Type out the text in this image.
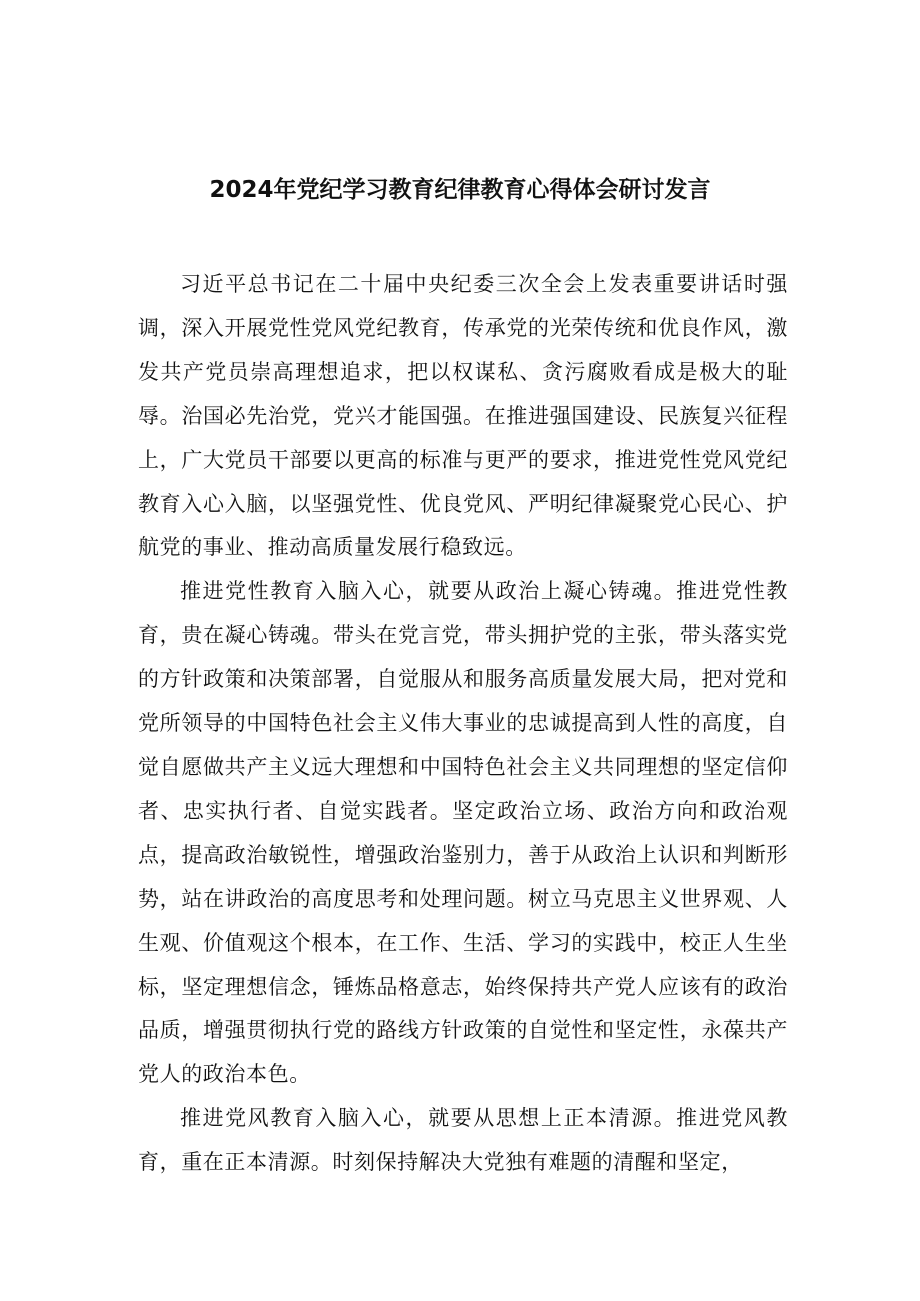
2024年党纪学习教育纪律教育心得体会研讨发言

习近平总书记在二十届中央纪委三次全会上发表重要讲话时强调，深入开展党性党风党纪教育，传承党的光荣传统和优良作风，激发共产党员崇高理想追求，把以权谋私、贪污腐败看成是极大的耻辱。治国必先治党，党兴才能国强。在推进强国建设、民族复兴征程上，广大党员干部要以更高的标准与更严的要求，推进党性党风党纪教育入心入脑，以坚强党性、优良党风、严明纪律凝聚党心民心、护航党的事业、推动高质量发展行稳致远。

推进党性教育入脑入心，就要从政治上凝心铸魂。推进党性教育，贵在凝心铸魂。带头在党言党，带头拥护党的主张，带头落实党的方针政策和决策部署，自觉服从和服务高质量发展大局，把对党和党所领导的中国特色社会主义伟大事业的忠诚提高到人性的高度，自觉自愿做共产主义远大理想和中国特色社会主义共同理想的坚定信仰者、忠实执行者、自觉实践者。坚定政治立场、政治方向和政治观点，提高政治敏锐性，增强政治鉴别力，善于从政治上认识和判断形势，站在讲政治的高度思考和处理问题。树立马克思主义世界观、人生观、价值观这个根本，在工作、生活、学习的实践中，校正人生坐标，坚定理想信念，锤炼品格意志，始终保持共产党人应该有的政治品质，增强贯彻执行党的路线方针政策的自觉性和坚定性，永葆共产党人的政治本色。

推进党风教育入脑入心，就要从思想上正本清源。推进党风教育，重在正本清源。时刻保持解决大党独有难题的清醒和坚定，
